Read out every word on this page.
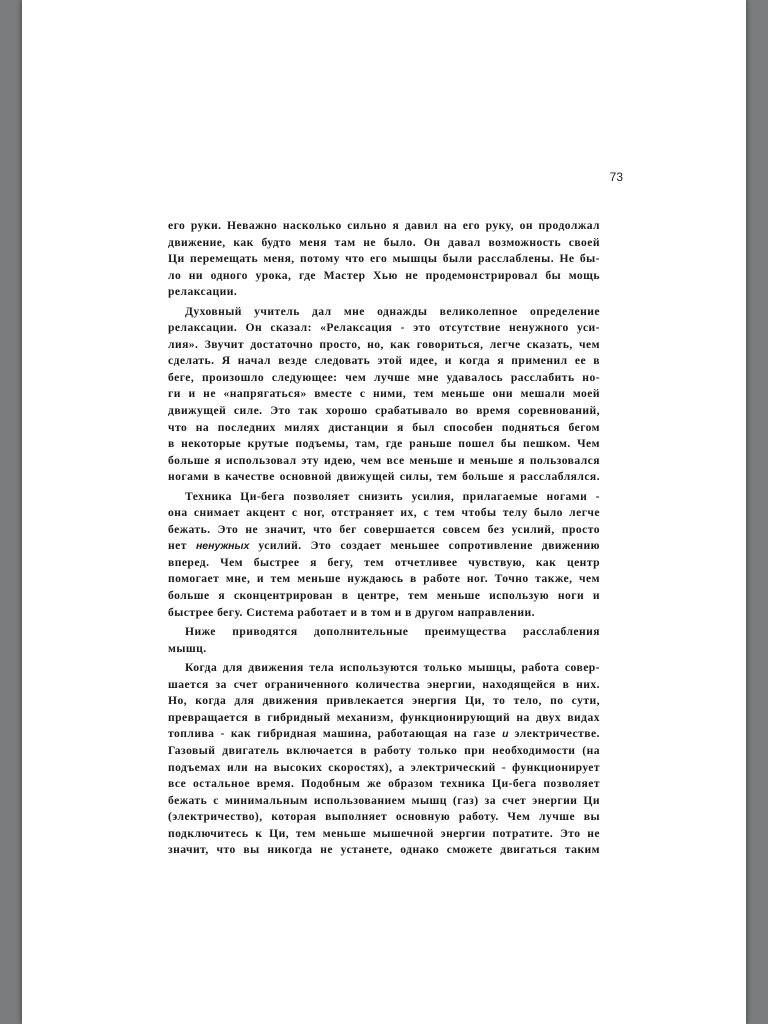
73
его руки. Неважно насколько сильно я давил на его руку, он продолжал
движение, как будто меня там не было. Он давал возможность своей
Ци перемещать меня, потому что его мышцы были расслаблены. Не бы-
ло ни одного урока, где Мастер Хью не продемонстрировал бы мощь
релаксации.
Духовный учитель дал мне однажды великолепное определение
релаксации. Он сказал: «Релаксация - это отсутствие ненужного уси-
лия». Звучит достаточно просто, но, как говориться, легче сказать, чем
сделать. Я начал везде следовать этой идее, и когда я применил ее в
беге, произошло следующее: чем лучше мне удавалось расслабить но-
ги и не «напрягаться» вместе с ними, тем меньше они мешали моей
движущей силе. Это так хорошо срабатывало во время соревнований,
что на последних милях дистанции я был способен подняться бегом
в некоторые крутые подъемы, там, где раньше пошел бы пешком. Чем
больше я использовал эту идею, чем все меньше и меньше я пользовался
ногами в качестве основной движущей силы, тем больше я расслаблялся.
Техника Ци-бега позволяет снизить усилия, прилагаемые ногами -
она снимает акцент с ног, отстраняет их, с тем чтобы телу было легче
бежать. Это не значит, что бег совершается совсем без усилий, просто
нет ненужных усилий. Это создает меньшее сопротивление движению
вперед. Чем быстрее я бегу, тем отчетливее чувствую, как центр
помогает мне, и тем меньше нуждаюсь в работе ног. Точно также, чем
больше я сконцентрирован в центре, тем меньше использую ноги и
быстрее бегу. Система работает и в том и в другом направлении.
Ниже приводятся дополнительные преимущества расслабления
мышц.
Когда для движения тела используются только мышцы, работа совер-
шается за счет ограниченного количества энергии, находящейся в них.
Но, когда для движения привлекается энергия Ци, то тело, по сути,
превращается в гибридный механизм, функционирующий на двух видах
топлива - как гибридная машина, работающая на газе и электричестве.
Газовый двигатель включается в работу только при необходимости (на
подъемах или на высоких скоростях), а электрический - функционирует
все остальное время. Подобным же образом техника Ци-бега позволяет
бежать с минимальным использованием мышц (газ) за счет энергии Ци
(электричество), которая выполняет основную работу. Чем лучше вы
подключитесь к Ци, тем меньше мышечной энергии потратите. Это не
значит, что вы никогда не устанете, однако сможете двигаться таким
